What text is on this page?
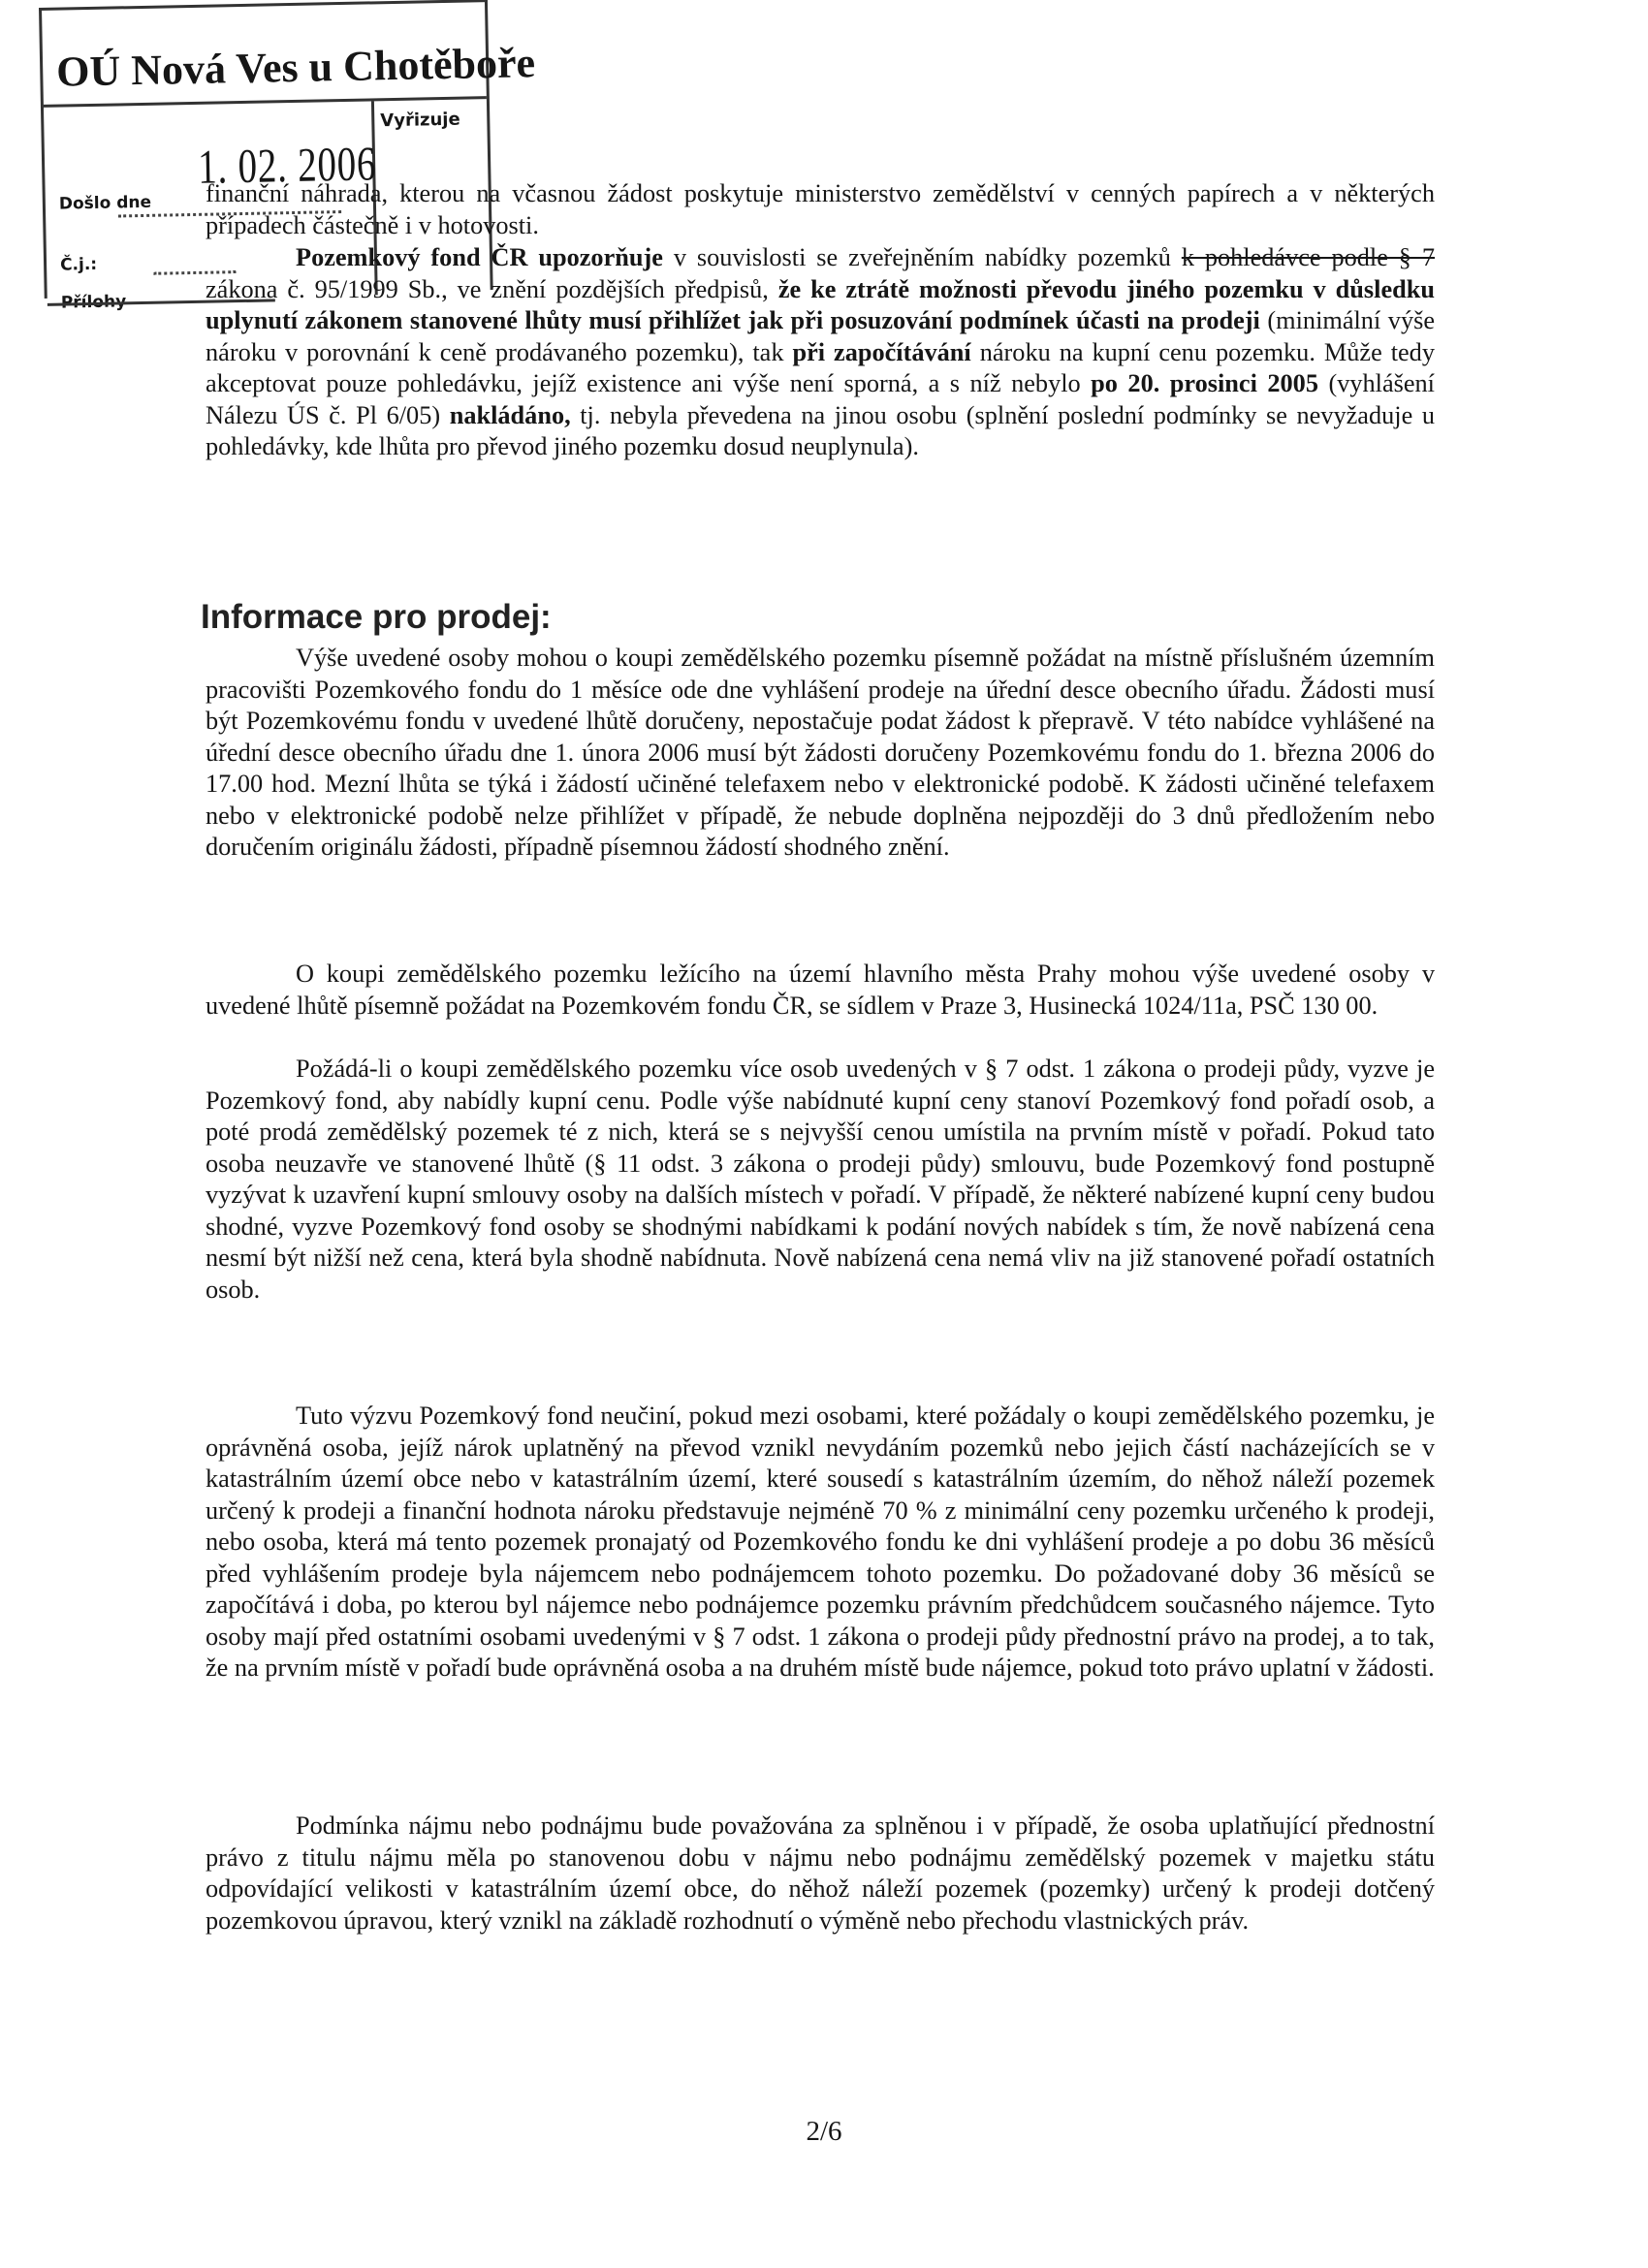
OÚ Nová Ves u Chotěboře
Vyřizuje
Došlo dne
1. 02. 2006
Č.j.:

finanční náhrada, kterou na včasnou žádost poskytuje ministerstvo zemědělství v cenných papírech a v některých případech částečně i v hotovosti.

Pozemkový fond ČR upozorňuje v souvislosti se zveřejněním nabídky pozemků k pohledávce podle § 7 zákona č. 95/1999 Sb., ve znění pozdějších předpisů, že ke ztrátě možnosti převodu jiného pozemku v důsledku uplynutí zákonem stanovené lhůty musí přihlížet jak při posuzování podmínek účasti na prodeji (minimální výše nároku v porovnání k ceně prodávaného pozemku), tak při započítávání nároku na kupní cenu pozemku. Může tedy akceptovat pouze pohledávku, jejíž existence ani výše není sporná, a s níž nebylo po 20. prosinci 2005 (vyhlášení Nálezu ÚS č. Pl 6/05) nakládáno, tj. nebyla převedena na jinou osobu (splnění poslední podmínky se nevyžaduje u pohledávky, kde lhůta pro převod jiného pozemku dosud neuplynula).

Informace pro prodej:

Výše uvedené osoby mohou o koupi zemědělského pozemku písemně požádat na místně příslušném územním pracovišti Pozemkového fondu do 1 měsíce ode dne vyhlášení prodeje na úřední desce obecního úřadu. Žádosti musí být Pozemkovému fondu v uvedené lhůtě doručeny, nepostačuje podat žádost k přepravě. V této nabídce vyhlášené na úřední desce obecního úřadu dne 1. února 2006 musí být žádosti doručeny Pozemkovému fondu do 1. března 2006 do 17.00 hod. Mezní lhůta se týká i žádostí učiněné telefaxem nebo v elektronické podobě. K žádosti učiněné telefaxem nebo v elektronické podobě nelze přihlížet v případě, že nebude doplněna nejpozději do 3 dnů předložením nebo doručením originálu žádosti, případně písemnou žádostí shodného znění.

O koupi zemědělského pozemku ležícího na území hlavního města Prahy mohou výše uvedené osoby v uvedené lhůtě písemně požádat na Pozemkovém fondu ČR, se sídlem v Praze 3, Husinecká 1024/11a, PSČ 130 00.

Požádá-li o koupi zemědělského pozemku více osob uvedených v § 7 odst. 1 zákona o prodeji půdy, vyzve je Pozemkový fond, aby nabídly kupní cenu. Podle výše nabídnuté kupní ceny stanoví Pozemkový fond pořadí osob, a poté prodá zemědělský pozemek té z nich, která se s nejvyšší cenou umístila na prvním místě v pořadí. Pokud tato osoba neuzavře ve stanovené lhůtě (§ 11 odst. 3 zákona o prodeji půdy) smlouvu, bude Pozemkový fond postupně vyzývat k uzavření kupní smlouvy osoby na dalších místech v pořadí. V případě, že některé nabízené kupní ceny budou shodné, vyzve Pozemkový fond osoby se shodnými nabídkami k podání nových nabídek s tím, že nově nabízená cena nesmí být nižší než cena, která byla shodně nabídnuta. Nově nabízená cena nemá vliv na již stanovené pořadí ostatních osob.

Tuto výzvu Pozemkový fond neučiní, pokud mezi osobami, které požádaly o koupi zemědělského pozemku, je oprávněná osoba, jejíž nárok uplatněný na převod vznikl nevydáním pozemků nebo jejich částí nacházejících se v katastrálním území obce nebo v katastrálním území, které sousedí s katastrálním územím, do něhož náleží pozemek určený k prodeji a finanční hodnota nároku představuje nejméně 70 % z minimální ceny pozemku určeného k prodeji, nebo osoba, která má tento pozemek pronajatý od Pozemkového fondu ke dni vyhlášení prodeje a po dobu 36 měsíců před vyhlášením prodeje byla nájemcem nebo podnájemcem tohoto pozemku. Do požadované doby 36 měsíců se započítává i doba, po kterou byl nájemce nebo podnájemce pozemku právním předchůdcem současného nájemce. Tyto osoby mají před ostatními osobami uvedenými v § 7 odst. 1 zákona o prodeji půdy přednostní právo na prodej, a to tak, že na prvním místě v pořadí bude oprávněná osoba a na druhém místě bude nájemce, pokud toto právo uplatní v žádosti.

Podmínka nájmu nebo podnájmu bude považována za splněnou i v případě, že osoba uplatňující přednostní právo z titulu nájmu měla po stanovenou dobu v nájmu nebo podnájmu zemědělský pozemek v majetku státu odpovídající velikosti v katastrálním území obce, do něhož náleží pozemek (pozemky) určený k prodeji dotčený pozemkovou úpravou, který vznikl na základě rozhodnutí o výměně nebo přechodu vlastnických práv.

2/6
